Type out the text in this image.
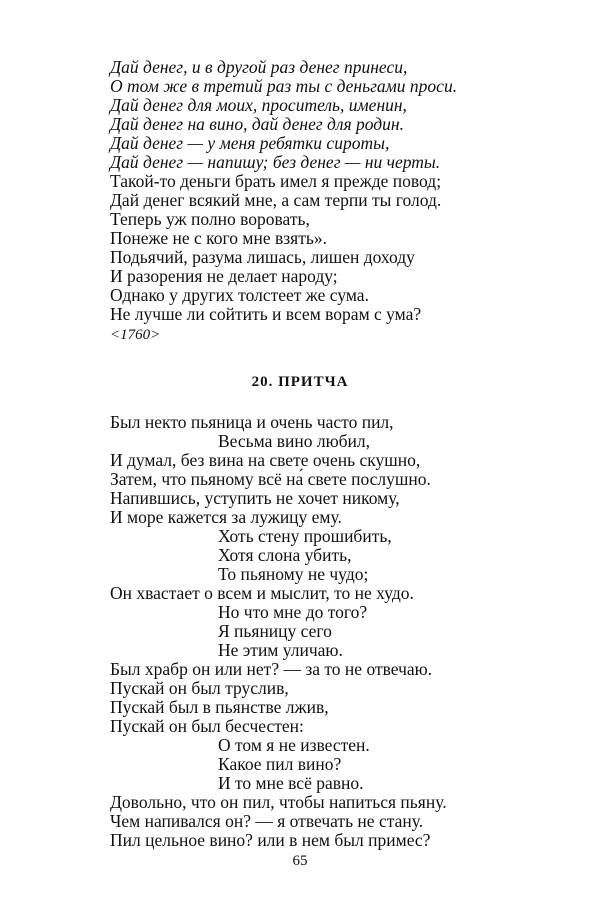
Дай денег, и в другой раз денег принеси,
О том же в третий раз ты с деньгами проси.
Дай денег для моих, проситель, именин,
Дай денег на вино, дай денег для родин.
Дай денег — у меня ребятки сироты,
Дай денег — напишу; без денег — ни черты.
Такой-то деньги брать имел я прежде повод;
Дай денег всякий мне, а сам терпи ты голод.
Теперь уж полно воровать,
Понеже не с кого мне взять».
Подьячий, разума лишась, лишен доходу
И разорения не делает народу;
Однако у других толстеет же сума.
Не лучше ли сойтить и всем ворам с ума?
<1760>
20. ПРИТЧА
Был некто пьяница и очень часто пил,
Весьма вино любил,
И думал, без вина на свете очень скушно,
Затем, что пьяному всё на́ свете послушно.
Напившись, уступить не хочет никому,
И море кажется за лужицу ему.
Хоть стену прошибить,
Хотя слона убить,
То пьяному не чудо;
Он хвастает о всем и мыслит, то не худо.
Но что мне до того?
Я пьяницу сего
Не этим уличаю.
Был храбр он или нет? — за то не отвечаю.
Пускай он был труслив,
Пускай был в пьянстве лжив,
Пускай он был бесчестен:
О том я не известен.
Какое пил вино?
И то мне всё равно.
Довольно, что он пил, чтобы напиться пьяну.
Чем напивался он? — я отвечать не стану.
Пил цельное вино? или в нем был примес?
65
